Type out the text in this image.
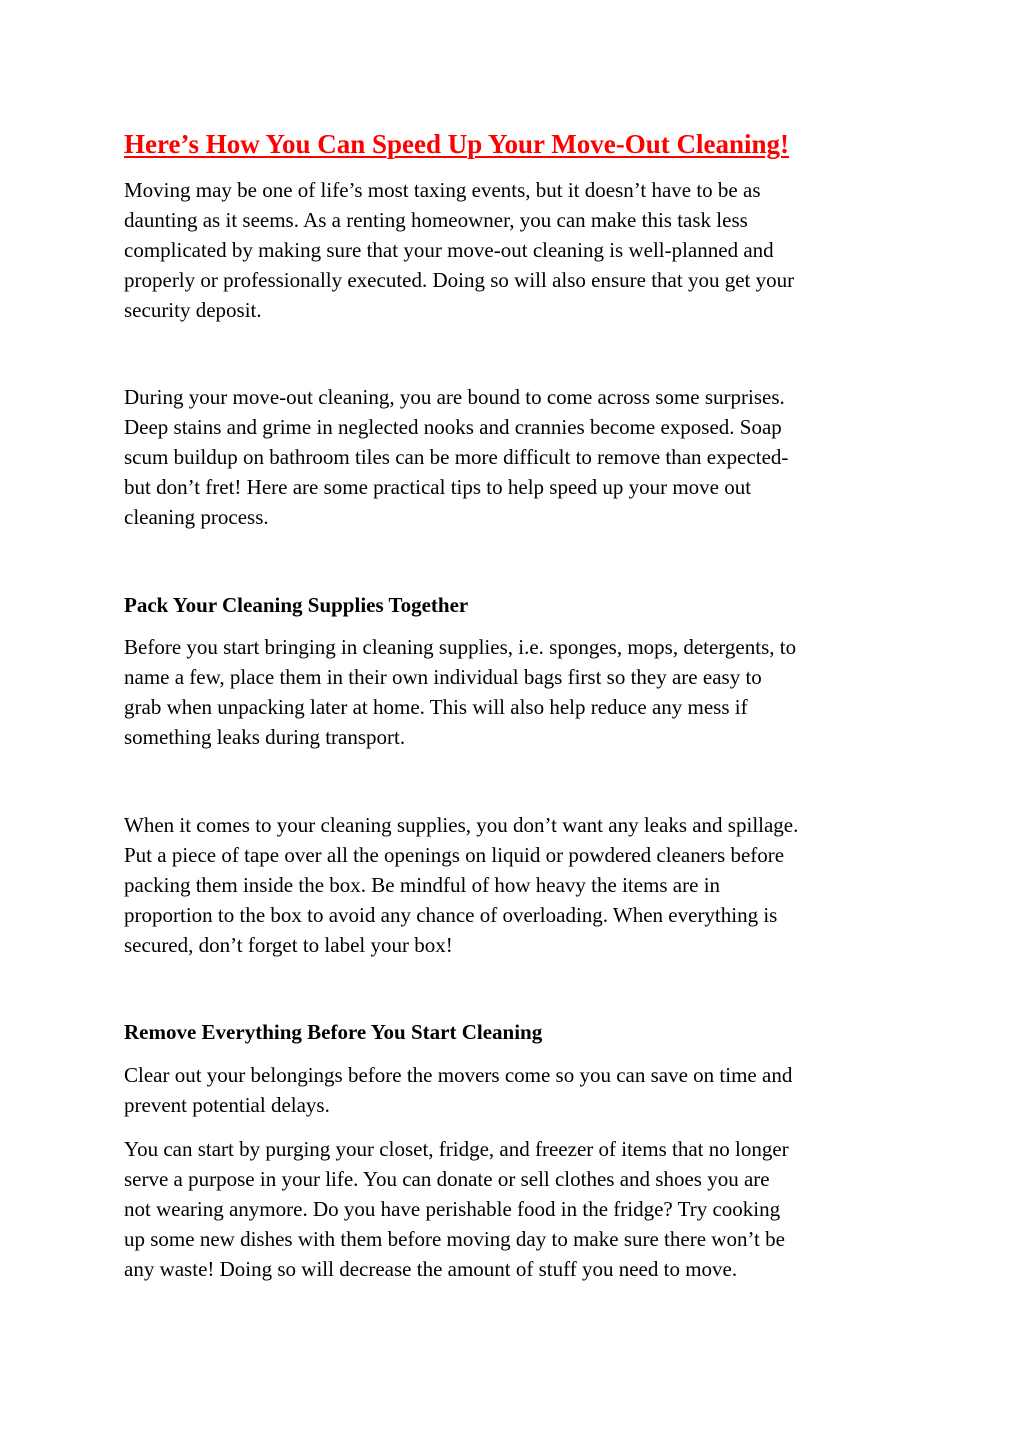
Here’s How You Can Speed Up Your Move-Out Cleaning!

Moving may be one of life’s most taxing events, but it doesn’t have to be as
daunting as it seems. As a renting homeowner, you can make this task less
complicated by making sure that your move-out cleaning is well-planned and
properly or professionally executed. Doing so will also ensure that you get your
security deposit.

During your move-out cleaning, you are bound to come across some surprises.
Deep stains and grime in neglected nooks and crannies become exposed. Soap
scum buildup on bathroom tiles can be more difficult to remove than expected-
but don’t fret! Here are some practical tips to help speed up your move out
cleaning process.

Pack Your Cleaning Supplies Together

Before you start bringing in cleaning supplies, i.e. sponges, mops, detergents, to
name a few, place them in their own individual bags first so they are easy to
grab when unpacking later at home. This will also help reduce any mess if
something leaks during transport.

When it comes to your cleaning supplies, you don’t want any leaks and spillage.
Put a piece of tape over all the openings on liquid or powdered cleaners before
packing them inside the box. Be mindful of how heavy the items are in
proportion to the box to avoid any chance of overloading. When everything is
secured, don’t forget to label your box!

Remove Everything Before You Start Cleaning

Clear out your belongings before the movers come so you can save on time and
prevent potential delays.

You can start by purging your closet, fridge, and freezer of items that no longer
serve a purpose in your life. You can donate or sell clothes and shoes you are
not wearing anymore. Do you have perishable food in the fridge? Try cooking
up some new dishes with them before moving day to make sure there won’t be
any waste! Doing so will decrease the amount of stuff you need to move.
